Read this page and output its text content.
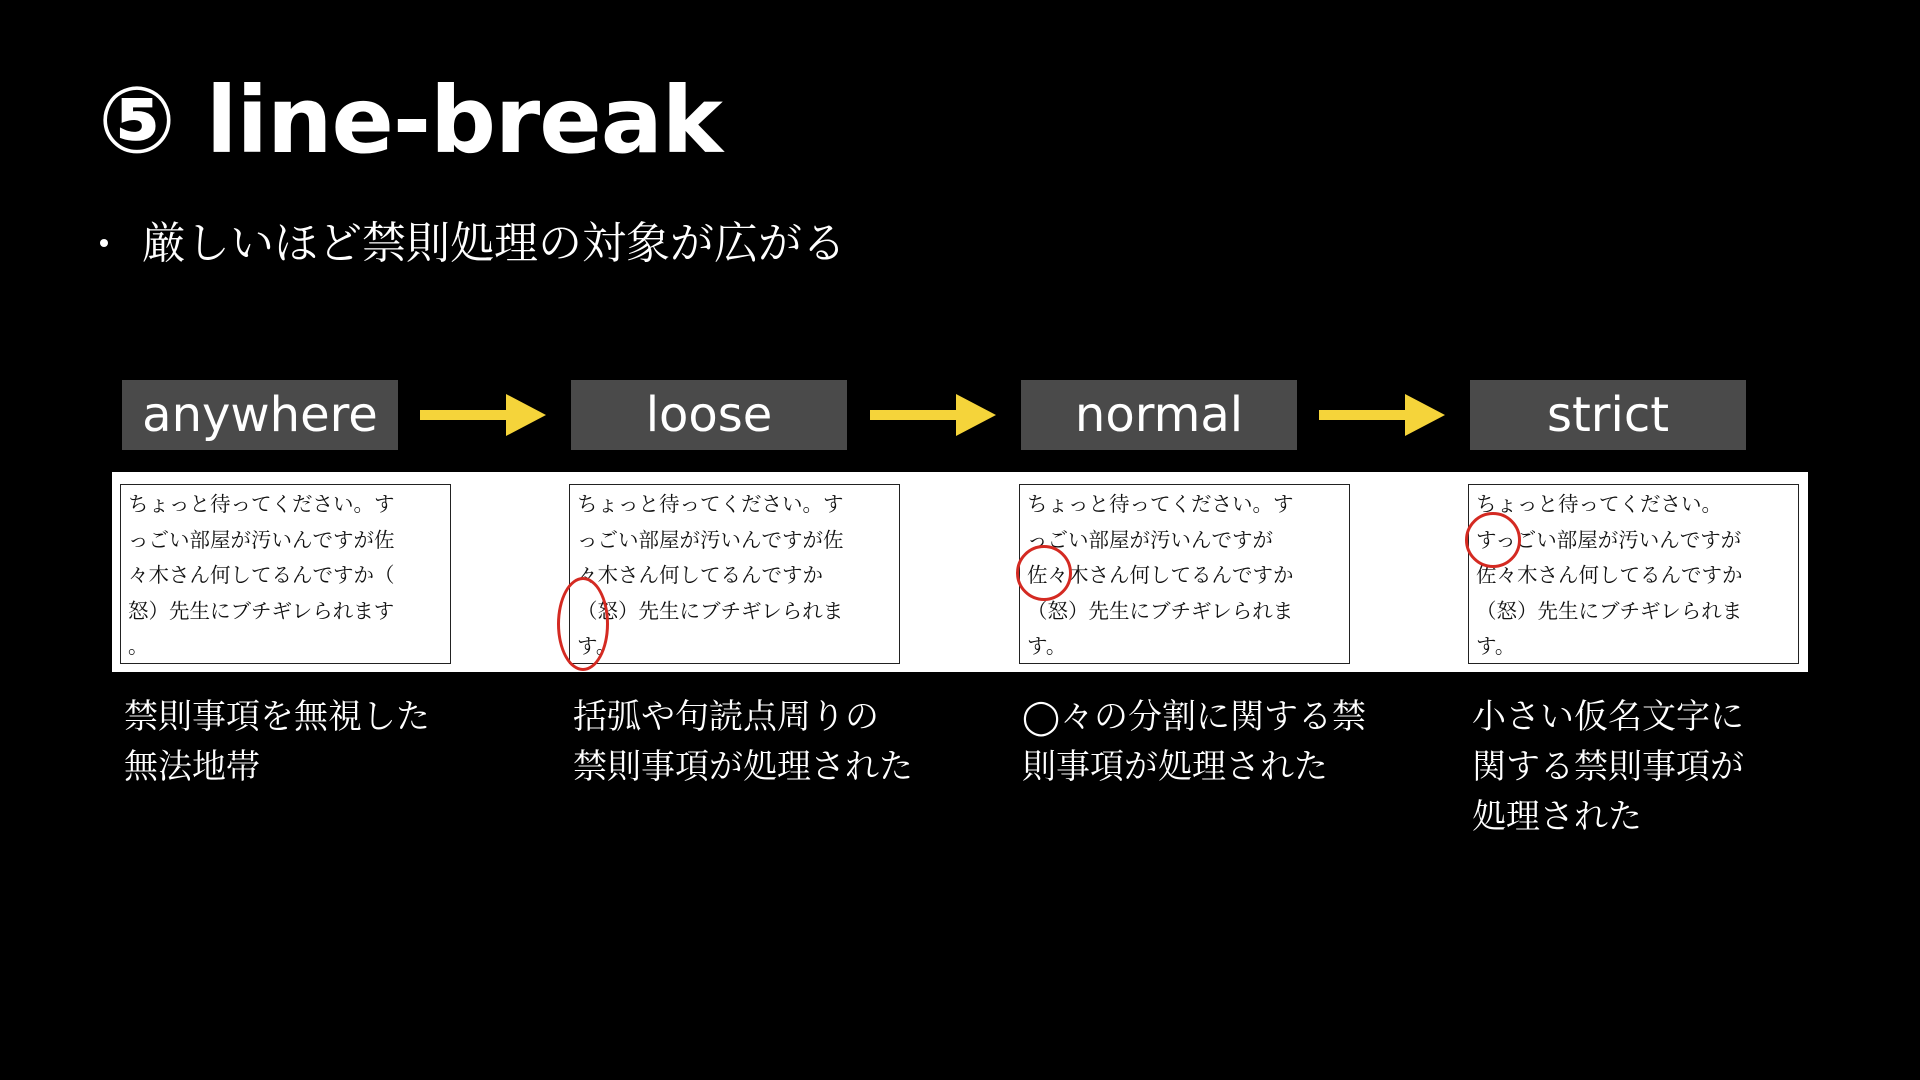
⑤ line-break
厳しいほど禁則処理の対象が広がる
anywhere	loose	normal	strict
ちょっと待ってください。す
っごい部屋が汚いんですが佐
々木さん何してるんですか（
怒）先生にブチギレられます
。
ちょっと待ってください。す
っごい部屋が汚いんですが佐
々木さん何してるんですか
（怒）先生にブチギレられま
す。
ちょっと待ってください。す
っごい部屋が汚いんですが
佐々木さん何してるんですか
（怒）先生にブチギレられま
す。
ちょっと待ってください。
すっごい部屋が汚いんですが
佐々木さん何してるんですか
（怒）先生にブチギレられま
す。
禁則事項を無視した
無法地帯
括弧や句読点周りの
禁則事項が処理された
◯々の分割に関する禁
則事項が処理された
小さい仮名文字に
関する禁則事項が
処理された
